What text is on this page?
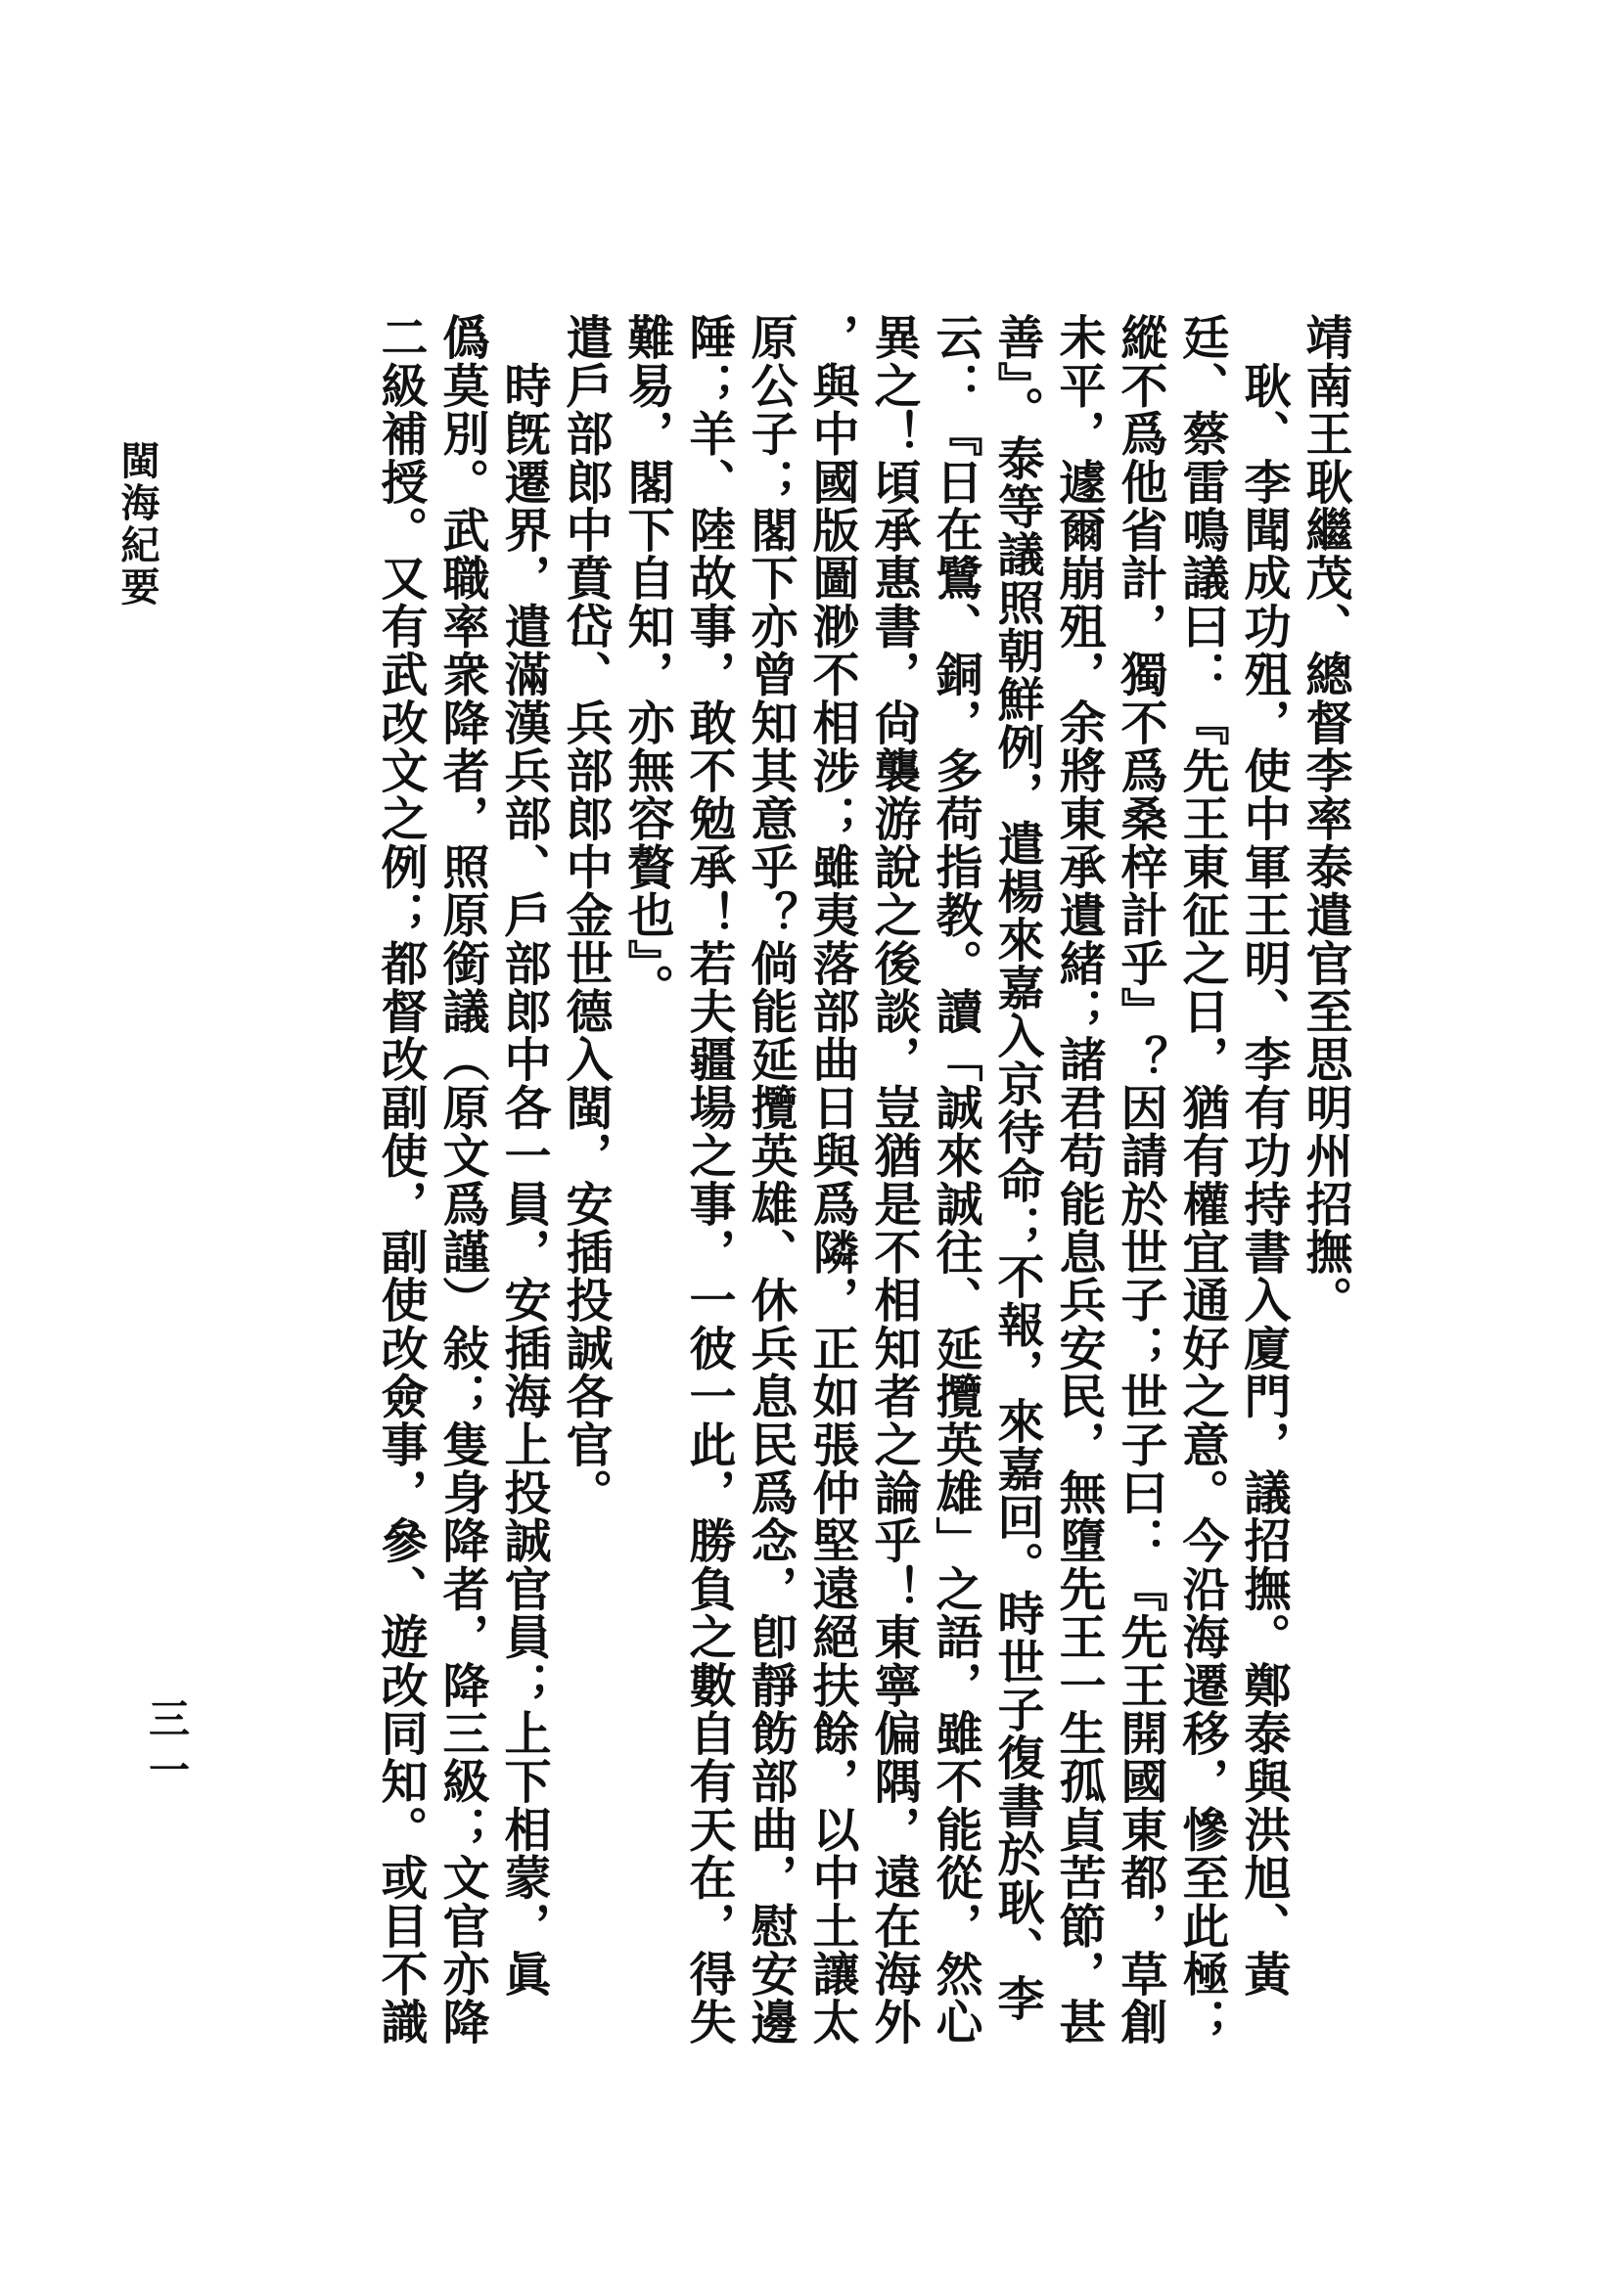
閩海紀要
三一
靖南王耿繼茂、總督李率泰遣官至思明州招撫。
　耿、李聞成功殂，使中軍王明、李有功持書入廈門，議招撫。鄭泰與洪旭、黃
廷、蔡雷鳴議曰：『先王東征之日，猶有權宜通好之意。今沿海遷移，慘至此極；
縱不爲他省計，獨不爲桑梓計乎』？因請於世子；世子曰：『先王開國東都，草創
未平，遽爾崩殂，余將東承遺緒；諸君苟能息兵安民，無墮先王一生孤貞苦節，甚
善』。泰等議照朝鮮例，遣楊來嘉入京待命；不報，來嘉回。時世子復書於耿、李
云：『日在鷺、銅，多荷指教。讀「誠來誠往、延攬英雄」之語，雖不能從，然心
異之！頃承惠書，尙襲游說之後談，豈猶是不相知者之論乎！東寧偏隅，遠在海外
，與中國版圖渺不相涉；雖夷落部曲日與爲隣，正如張仲堅遠絕扶餘，以中土讓太
原公子；閣下亦曾知其意乎？倘能延攬英雄、休兵息民爲念，卽靜飭部曲，慰安邊
陲；羊、陸故事，敢不勉承！若夫疆場之事，一彼一此，勝負之數自有天在，得失
難易，閣下自知，亦無容贅也』。
遣戶部郎中賁岱、兵部郎中金世德入閩，安插投誠各官。
　時旣遷界，遣滿漢兵部、戶部郎中各一員，安插海上投誠官員；上下相蒙，眞
僞莫別。武職率衆降者，照原銜議（原文爲謹）敍；隻身降者，降三級；文官亦降
二級補授。又有武改文之例；都督改副使，副使改僉事，參、遊改同知。或目不識
